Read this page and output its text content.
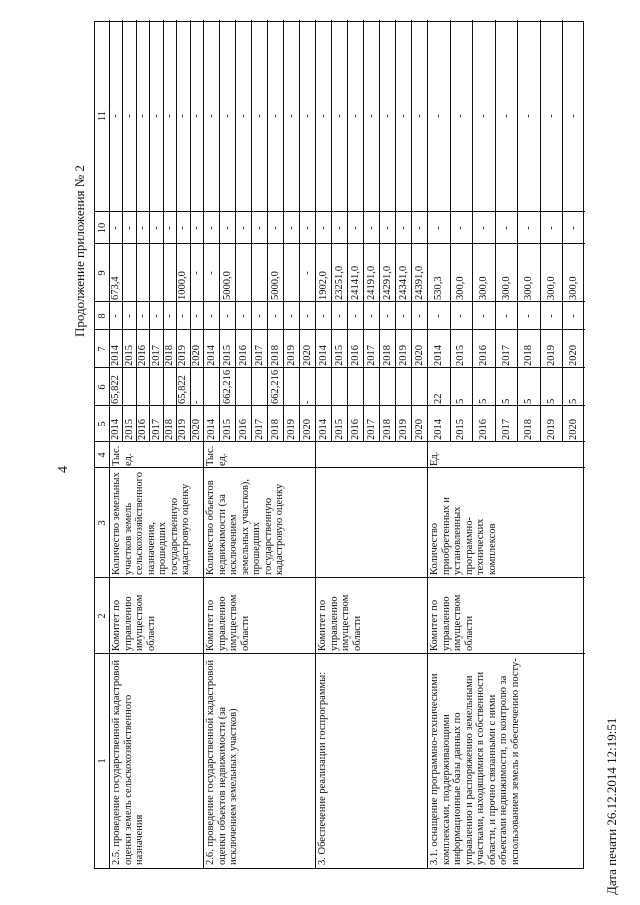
4
Продолжение приложения № 2
1
2
3
4
5
6
7
8
9
10
11
2.5. проведение государственной кадастровой оценки земель сельскохозяйственного назначения
Комитет по управлению имуществом области
Количество земельных участков земель сельскохозяйственного назначения, прошедших государственную кадастровую оценку
Тыс. ед.
2014
65,822
2014
-
673,4
-
-
2015
2015
-
-
-
2016
2016
-
-
-
2017
2017
-
-
-
2018
2018
-
-
-
2019
65,822
2019
-
1000,0
-
-
2020
-
2020
-
-
-
-
2.6. проведение государственной кадастровой оценки объектов недвижимости (за исключением земельных участков)
Комитет по управлению имуществом области
Количество объектов недвижимости (за исключением земельных участков), прошедших государственную кадастровую оценку
Тыс. ед.
2014
2014
-
-
-
-
2015
662,216
2015
-
5000,0
-
-
2016
2016
-
-
-
2017
2017
-
-
-
2018
662,216
2018
-
5000,0
-
-
2019
2019
-
-
-
2020
-
2020
-
-
-
-
3. Обеспечение реализации госпрограммы:
Комитет по управлению имуществом области
2014
2014
-
1902,0
-
-
2015
2015
-
23251,0
-
-
2016
2016
-
24141,0
-
-
2017
2017
-
24191,0
-
-
2018
2018
-
24291,0
-
-
2019
2019
-
24341,0
-
-
2020
2020
-
24391,0
-
-
3.1. оснащение программно-техническими комплексами, поддерживающими информационные базы данных по управлению и распоряжению земельными участками, находящимися в собственности области, и прочно связанными с ними объектами недвижимости, по контролю за использованием земель и обеспечению посту-
Комитет по управлению имуществом области
Количество приобретенных и установленных программно-технических комплексов
Ед.
2014
22
2014
-
530,3
-
-
2015
5
2015
-
300,0
-
-
2016
5
2016
-
300,0
-
-
2017
5
2017
-
300,0
-
-
2018
5
2018
-
300,0
-
-
2019
5
2019
-
300,0
-
-
2020
5
2020
-
300,0
-
-
Дата печати 26.12.2014 12:19:51
